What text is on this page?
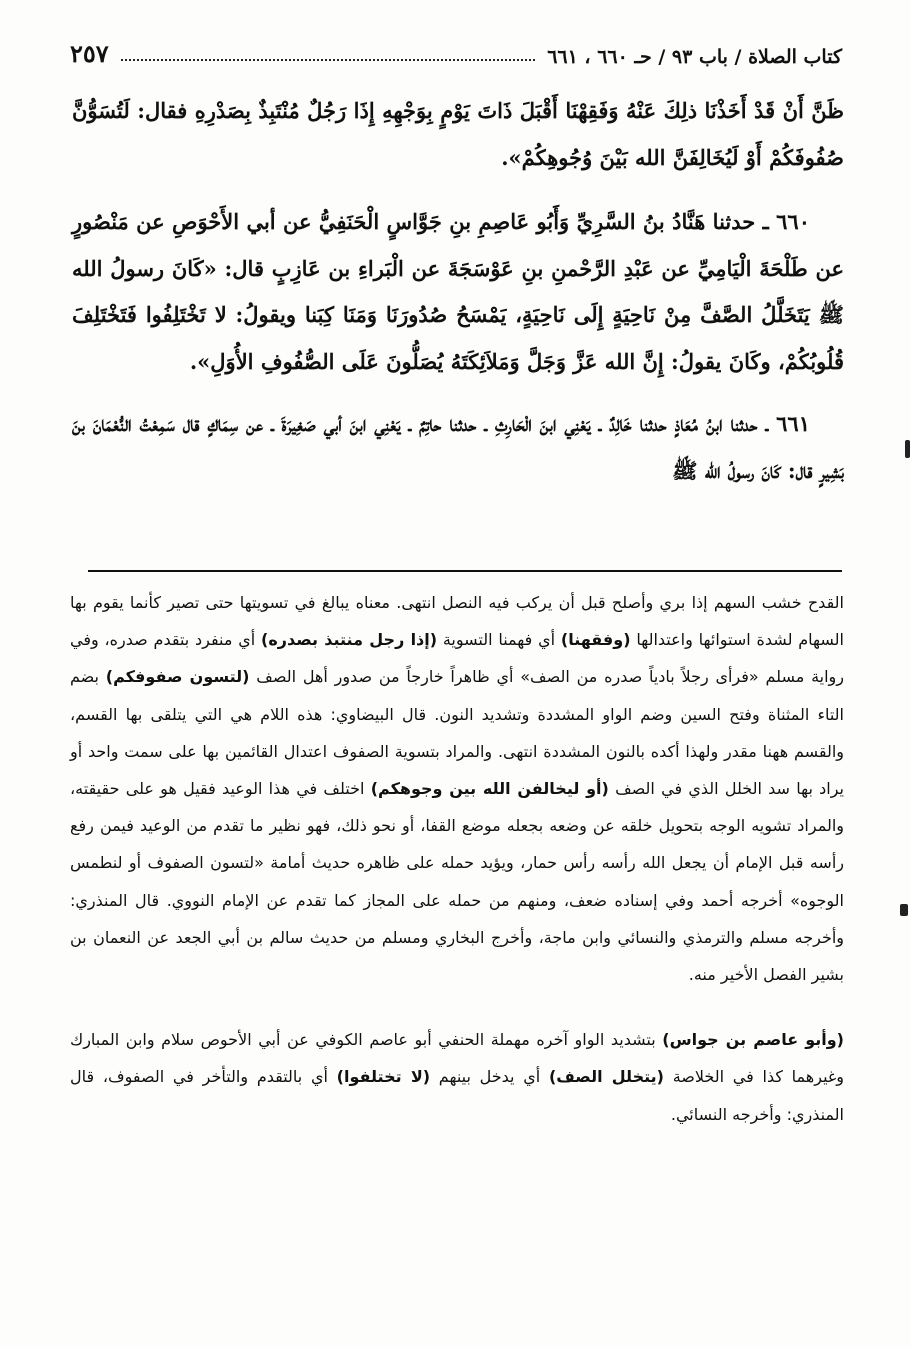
كتاب الصلاة / باب ٩٣ / حـ ٦٦٠ ، ٦٦١
٢٥٧

ظَنَّ أَنْ قَدْ أَخَذْنَا ذلِكَ عَنْهُ وَفَقِهْنَا أَقْبَلَ ذَاتَ يَوْمٍ بِوَجْهِهِ إِذَا رَجُلٌ مُنْتَبِذٌ بِصَدْرِهِ فقال: لَتُسَوُّنَّ صُفُوفَكُمْ أَوْ لَيُخَالِفَنَّ الله بَيْنَ وُجُوهِكُمْ».

٦٦٠ ـ حدثنا هَنَّادُ بنُ السَّرِيِّ وَأَبُو عَاصِمِ بنِ جَوَّاسٍ الْحَنَفِيُّ عن أبي الأَحْوَصِ عن مَنْصُورٍ عن طَلْحَةَ الْيَامِيِّ عن عَبْدِ الرَّحْمنِ بنِ عَوْسَجَةَ عن الْبَراءِ بن عَازِبٍ قال: «كَانَ رسولُ الله ﷺ يَتَخَلَّلُ الصَّفَّ مِنْ نَاحِيَةٍ إِلَى نَاحِيَةٍ، يَمْسَحُ صُدُورَنَا وَمَنَا كِبَنا ويقولُ: لا تَخْتَلِفُوا فَتَخْتَلِفَ قُلُوبُكُمْ، وكَانَ يقولُ: إِنَّ الله عَزَّ وَجَلَّ وَمَلاَئِكَتَهُ يُصَلُّونَ عَلَى الصُّفُوفِ الأُوَلِ».

٦٦١ ـ حدثنا ابنُ مُعَاذٍ حدثنا خَالِدٌ ـ يَعْنِي ابنَ الْحَارِثِ ـ حدثنا حاتِمٌ ـ يَعْنِي ابنَ أبي صَغِيرَةَ ـ عن سِمَاكٍ قال سَمِعْتُ النُّعْمَانَ بنَ بَشِيرٍ قال: كَانَ رسولُ الله ﷺ

القدح خشب السهم إذا بري وأصلح قبل أن يركب فيه النصل انتهى. معناه يبالغ في تسويتها حتى تصير كأنما يقوم بها السهام لشدة استوائها واعتدالها (وفقهنا) أي فهمنا التسوية (إذا رجل منتبذ بصدره) أي منفرد بتقدم صدره، وفي رواية مسلم «فرأى رجلاً بادياً صدره من الصف» أي ظاهراً خارجاً من صدور أهل الصف (لتسون صفوفكم) بضم التاء المثناة وفتح السين وضم الواو المشددة وتشديد النون. قال البيضاوي: هذه اللام هي التي يتلقى بها القسم، والقسم ههنا مقدر ولهذا أكده بالنون المشددة انتهى. والمراد بتسوية الصفوف اعتدال القائمين بها على سمت واحد أو يراد بها سد الخلل الذي في الصف (أو ليخالفن الله بين وجوهكم) اختلف في هذا الوعيد فقيل هو على حقيقته، والمراد تشويه الوجه بتحويل خلقه عن وضعه بجعله موضع القفا، أو نحو ذلك، فهو نظير ما تقدم من الوعيد فيمن رفع رأسه قبل الإمام أن يجعل الله رأسه رأس حمار، ويؤيد حمله على ظاهره حديث أمامة «لتسون الصفوف أو لنطمس الوجوه» أخرجه أحمد وفي إسناده ضعف، ومنهم من حمله على المجاز كما تقدم عن الإمام النووي. قال المنذري: وأخرجه مسلم والترمذي والنسائي وابن ماجة، وأخرج البخاري ومسلم من حديث سالم بن أبي الجعد عن النعمان بن بشير الفصل الأخير منه.

(وأبو عاصم بن جواس) بتشديد الواو آخره مهملة الحنفي أبو عاصم الكوفي عن أبي الأحوص سلام وابن المبارك وغيرهما كذا في الخلاصة (يتخلل الصف) أي يدخل بينهم (لا تختلفوا) أي بالتقدم والتأخر في الصفوف، قال المنذري: وأخرجه النسائي.
